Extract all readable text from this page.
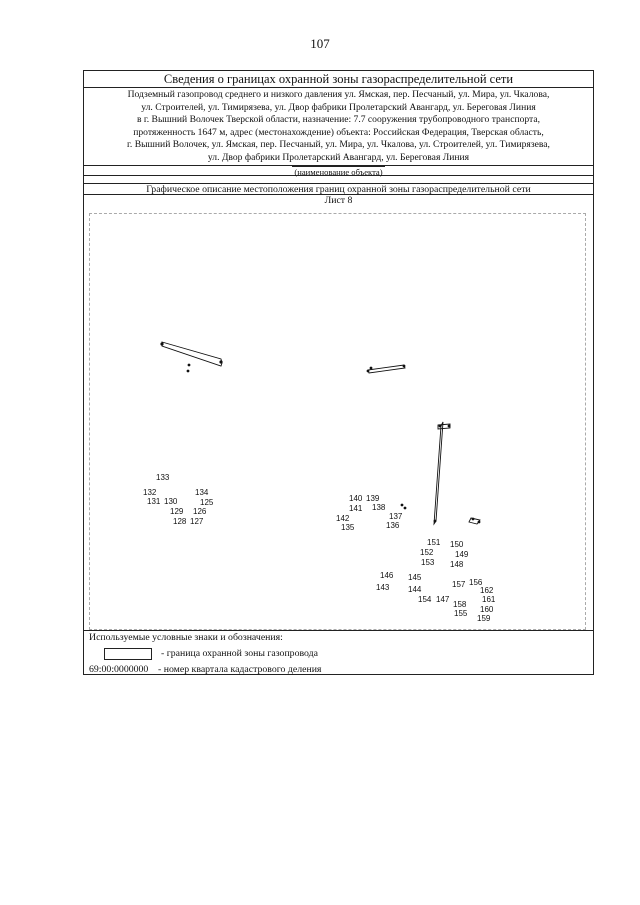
107
Сведения о границах охранной зоны газораспределительной сети
Подземный газопровод среднего и низкого давления ул. Ямская, пер. Песчаный, ул. Мира, ул. Чкалова,
ул. Строителей, ул. Тимирязева, ул. Двор фабрики Пролетарский Авангард, ул. Береговая Линия
в г. Вышний Волочек Тверской области, назначение: 7.7 сооружения трубопроводного транспорта,
протяженность 1647 м, адрес (местонахождение) объекта: Российская Федерация, Тверская область,
г. Вышний Волочек, ул. Ямская, пер. Песчаный, ул. Мира, ул. Чкалова, ул. Строителей, ул. Тимирязева,
ул. Двор фабрики Пролетарский Авангард, ул. Береговая Линия
(наименование объекта)
Графическое описание местоположения границ охранной зоны газораспределительной сети
Лист 8
133
132
131 130
134
125
129 126
128 127
140 139
141 138
142	137
135	136
151 150
152	149
153 148
146 145
143 144
157 156
162
154 147
158
161
160
155
159
Используемые условные знаки и обозначения:
- граница охранной зоны газопровода
69:00:0000000 - номер квартала кадастрового деления
